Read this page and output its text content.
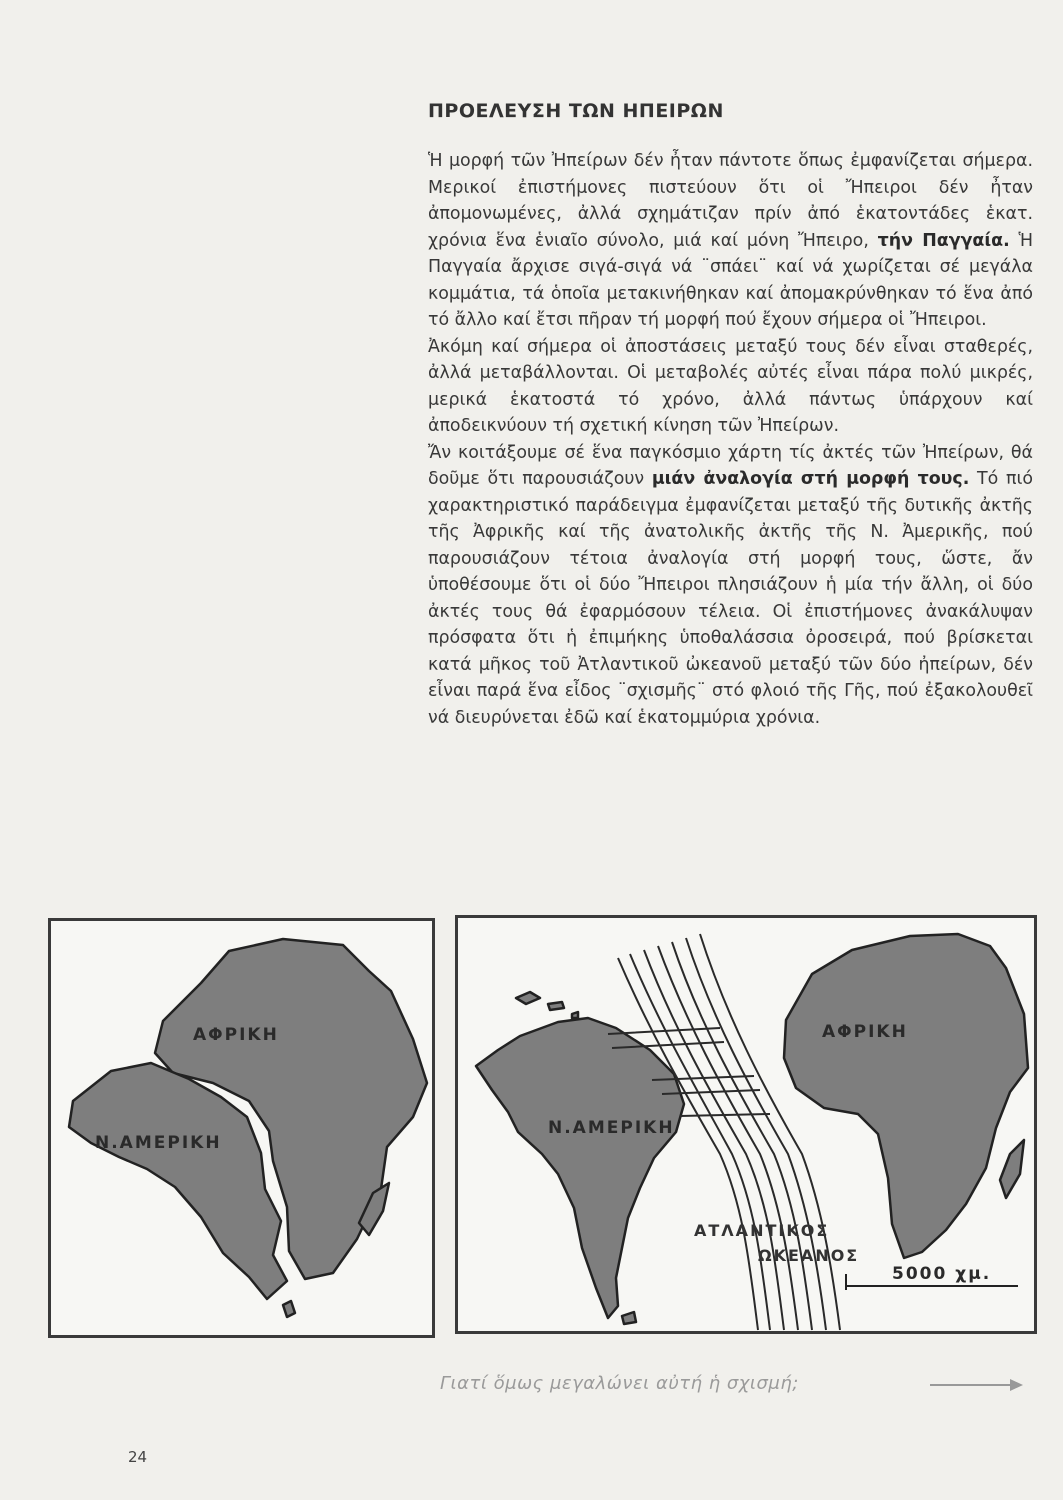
ΠΡΟΕΛΕΥΣΗ ΤΩΝ ΗΠΕΙΡΩΝ

Ἡ μορφή τῶν Ἠπείρων δέν ἦταν πάντοτε ὅπως ἐμφανίζεται σήμερα. Μερικοί ἐπιστήμονες πιστεύουν ὅτι οἱ Ἤπειροι δέν ἦταν ἀπομονωμένες, ἀλλά σχημάτιζαν πρίν ἀπό ἑκατοντάδες ἑκατ. χρόνια ἕνα ἑνιαῖο σύνολο, μιά καί μόνη Ἤπειρο, τήν Παγγαία. Ἡ Παγγαία ἄρχισε σιγά-σιγά νά ¨σπάει¨ καί νά χωρίζεται σέ μεγάλα κομμάτια, τά ὁποῖα μετακινήθηκαν καί ἀπομακρύνθηκαν τό ἕνα ἀπό τό ἄλλο καί ἔτσι πῆραν τή μορφή πού ἔχουν σήμερα οἱ Ἤπειροι.

Ἀκόμη καί σήμερα οἱ ἀποστάσεις μεταξύ τους δέν εἶναι σταθερές, ἀλλά μεταβάλλονται. Οἱ μεταβολές αὐτές εἶναι πάρα πολύ μικρές, μερικά ἑκατοστά τό χρόνο, ἀλλά πάντως ὑπάρχουν καί ἀποδεικνύουν τή σχετική κίνηση τῶν Ἠπείρων.

Ἄν κοιτάξουμε σέ ἕνα παγκόσμιο χάρτη τίς ἀκτές τῶν Ἠπείρων, θά δοῦμε ὅτι παρουσιάζουν μιάν ἀναλογία στή μορφή τους. Τό πιό χαρακτηριστικό παράδειγμα ἐμφανίζεται μεταξύ τῆς δυτικῆς ἀκτῆς τῆς Ἀφρικῆς καί τῆς ἀνατολικῆς ἀκτῆς τῆς Ν. Ἀμερικῆς, πού παρουσιάζουν τέτοια ἀναλογία στή μορφή τους, ὥστε, ἄν ὑποθέσουμε ὅτι οἱ δύο Ἤπειροι πλησιάζουν ἡ μία τήν ἄλλη, οἱ δύο ἀκτές τους θά ἐφαρμόσουν τέλεια. Οἱ ἐπιστήμονες ἀνακάλυψαν πρόσφατα ὅτι ἡ ἐπιμήκης ὑποθαλάσσια ὀροσειρά, πού βρίσκεται κατά μῆκος τοῦ Ἀτλαντικοῦ ὠκεανοῦ μεταξύ τῶν δύο ἠπείρων, δέν εἶναι παρά ἕνα εἶδος ¨σχισμῆς¨ στό φλοιό τῆς Γῆς, πού ἐξακολουθεῖ νά διευρύνεται ἐδῶ καί ἑκατομμύρια χρόνια.

ΑΦΡΙΚΗ
Ν.ΑΜΕΡΙΚΗ
ΑΦΡΙΚΗ
Ν.ΑΜΕΡΙΚΗ
ΑΤΛΑΝΤΙΚΟΣ
ΩΚΕΑΝΟΣ
5000 χμ.
Γιατί ὅμως μεγαλώνει αὐτή ἡ σχισμή;
24
